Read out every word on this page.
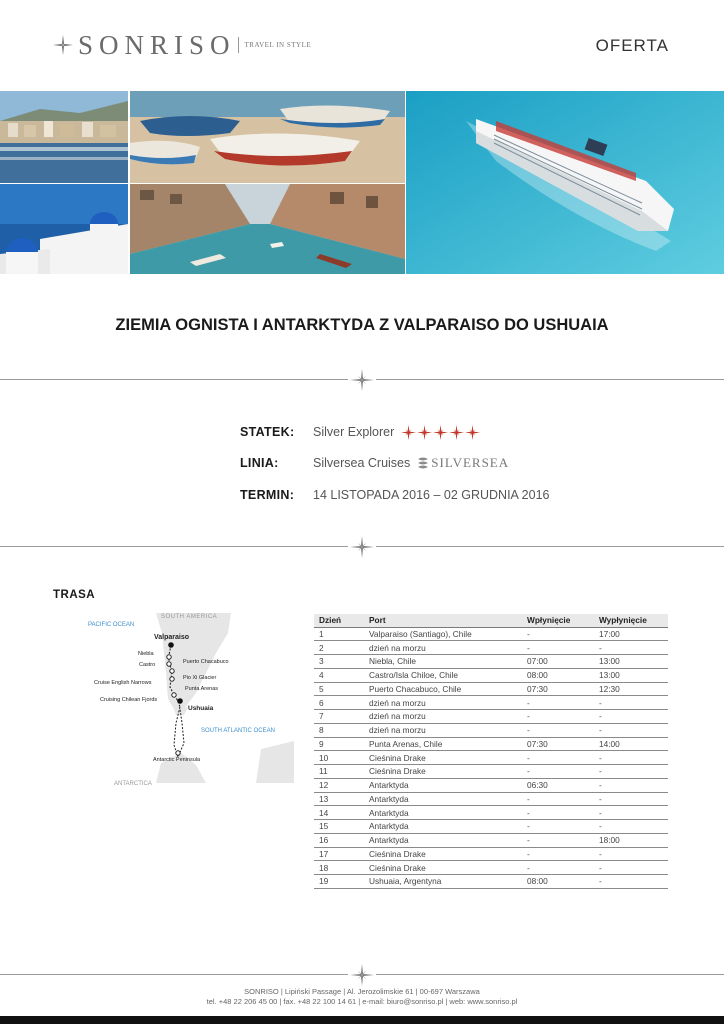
SONRISO TRAVEL IN STYLE	OFERTA
ZIEMIA OGNISTA I ANTARKTYDA Z VALPARAISO DO USHUAIA
STATEK:	Silver Explorer
LINIA:	Silversea Cruises SILVERSEA
TERMIN:	14 LISTOPADA 2016 – 02 GRUDNIA 2016
TRASA
SOUTH AMERICA
PACIFIC OCEAN
SOUTH ATLANTIC OCEAN
Valparaiso
Niebla
Castro	Puerto Chacabuco
Pio Xi Glacier
Cruise English Narrows
Punta Arenas
Cruising Chilean Fjords
Ushuaia
Antarctic Peninsula
ANTARCTICA
Dzień	Port	Wpłynięcie	Wypłynięcie
1	Valparaiso (Santiago), Chile	-	17:00
2	dzień na morzu	-	-
3	Niebla, Chile	07:00	13:00
4	Castro/Isla Chiloe, Chile	08:00	13:00
5	Puerto Chacabuco, Chile	07:30	12:30
6	dzień na morzu	-	-
7	dzień na morzu	-	-
8	dzień na morzu	-	-
9	Punta Arenas, Chile	07:30	14:00
10	Cieśnina Drake	-	-
11	Cieśnina Drake	-	-
12	Antarktyda	06:30	-
13	Antarktyda	-	-
14	Antarktyda	-	-
15	Antarktyda	-	-
16	Antarktyda	-	18:00
17	Cieśnina Drake	-	-
18	Cieśnina Drake	-	-
19	Ushuaia, Argentyna	08:00	-
SONRISO | Lipiński Passage | Al. Jerozolimskie 61 | 00-697 Warszawa
tel. +48 22 206 45 00 | fax. +48 22 100 14 61 | e-mail: biuro@sonriso.pl | web: www.sonriso.pl
